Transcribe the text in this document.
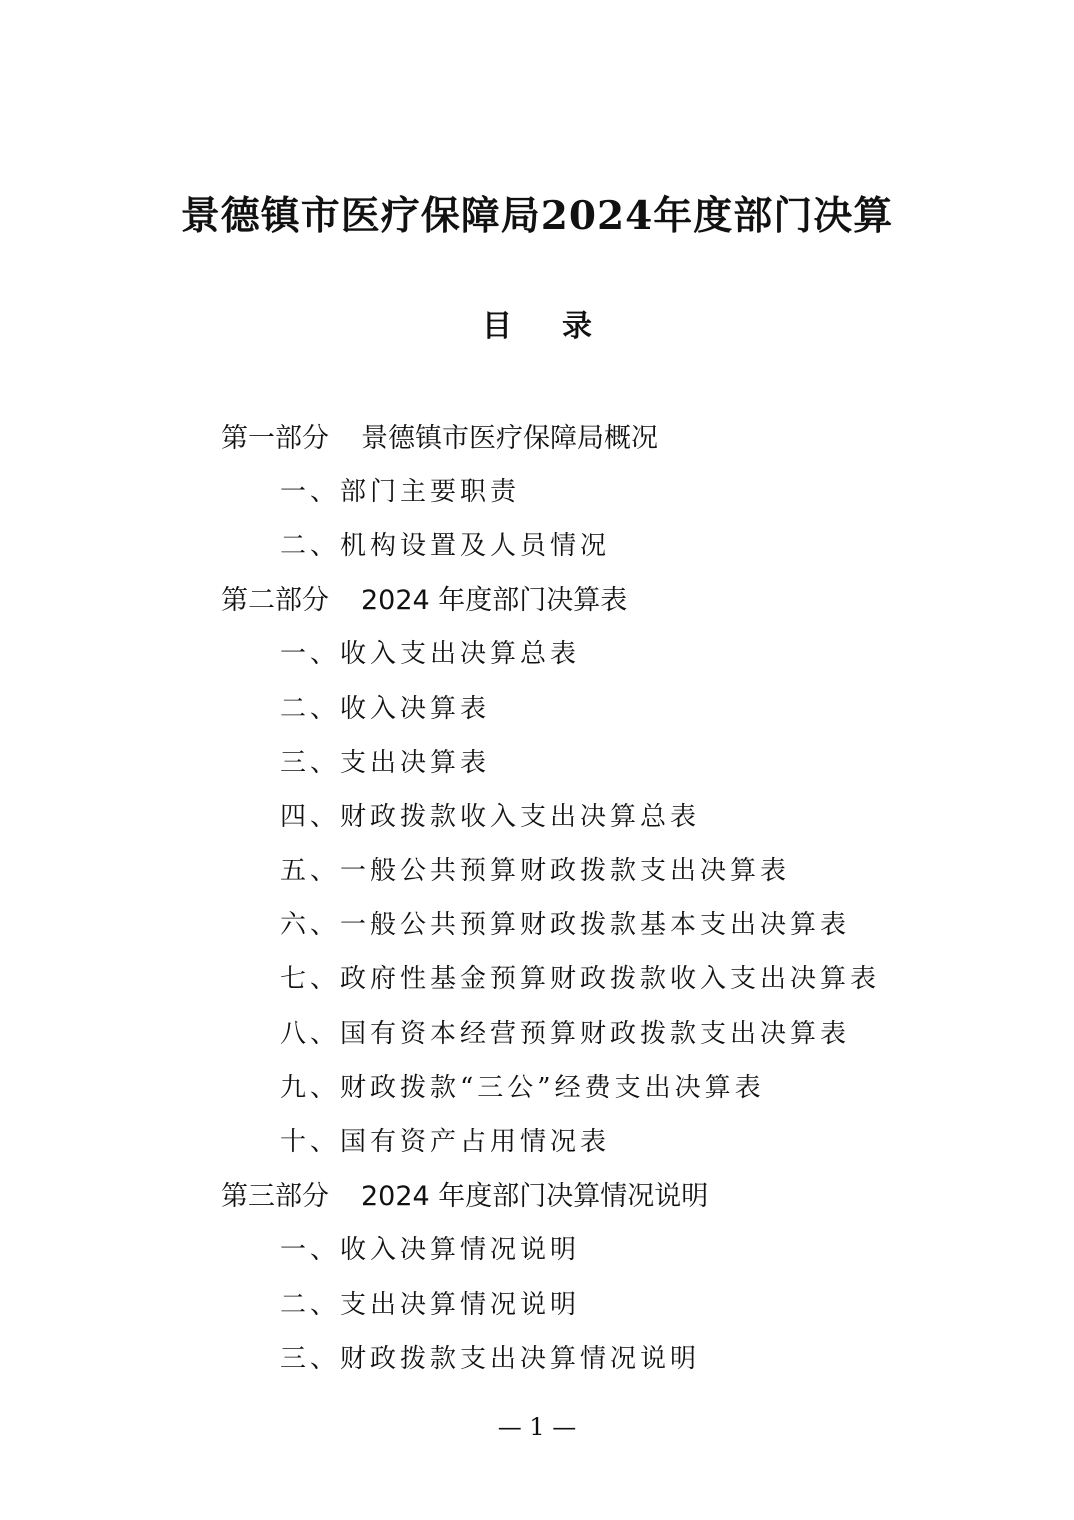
景德镇市医疗保障局2024年度部门决算
目录
第一部分 景德镇市医疗保障局概况
一、部门主要职责
二、机构设置及人员情况
第二部分 2024 年度部门决算表
一、收入支出决算总表
二、收入决算表
三、支出决算表
四、财政拨款收入支出决算总表
五、一般公共预算财政拨款支出决算表
六、一般公共预算财政拨款基本支出决算表
七、政府性基金预算财政拨款收入支出决算表
八、国有资本经营预算财政拨款支出决算表
九、财政拨款“三公”经费支出决算表
十、国有资产占用情况表
第三部分 2024 年度部门决算情况说明
一、收入决算情况说明
二、支出决算情况说明
三、财政拨款支出决算情况说明
— 1 —
